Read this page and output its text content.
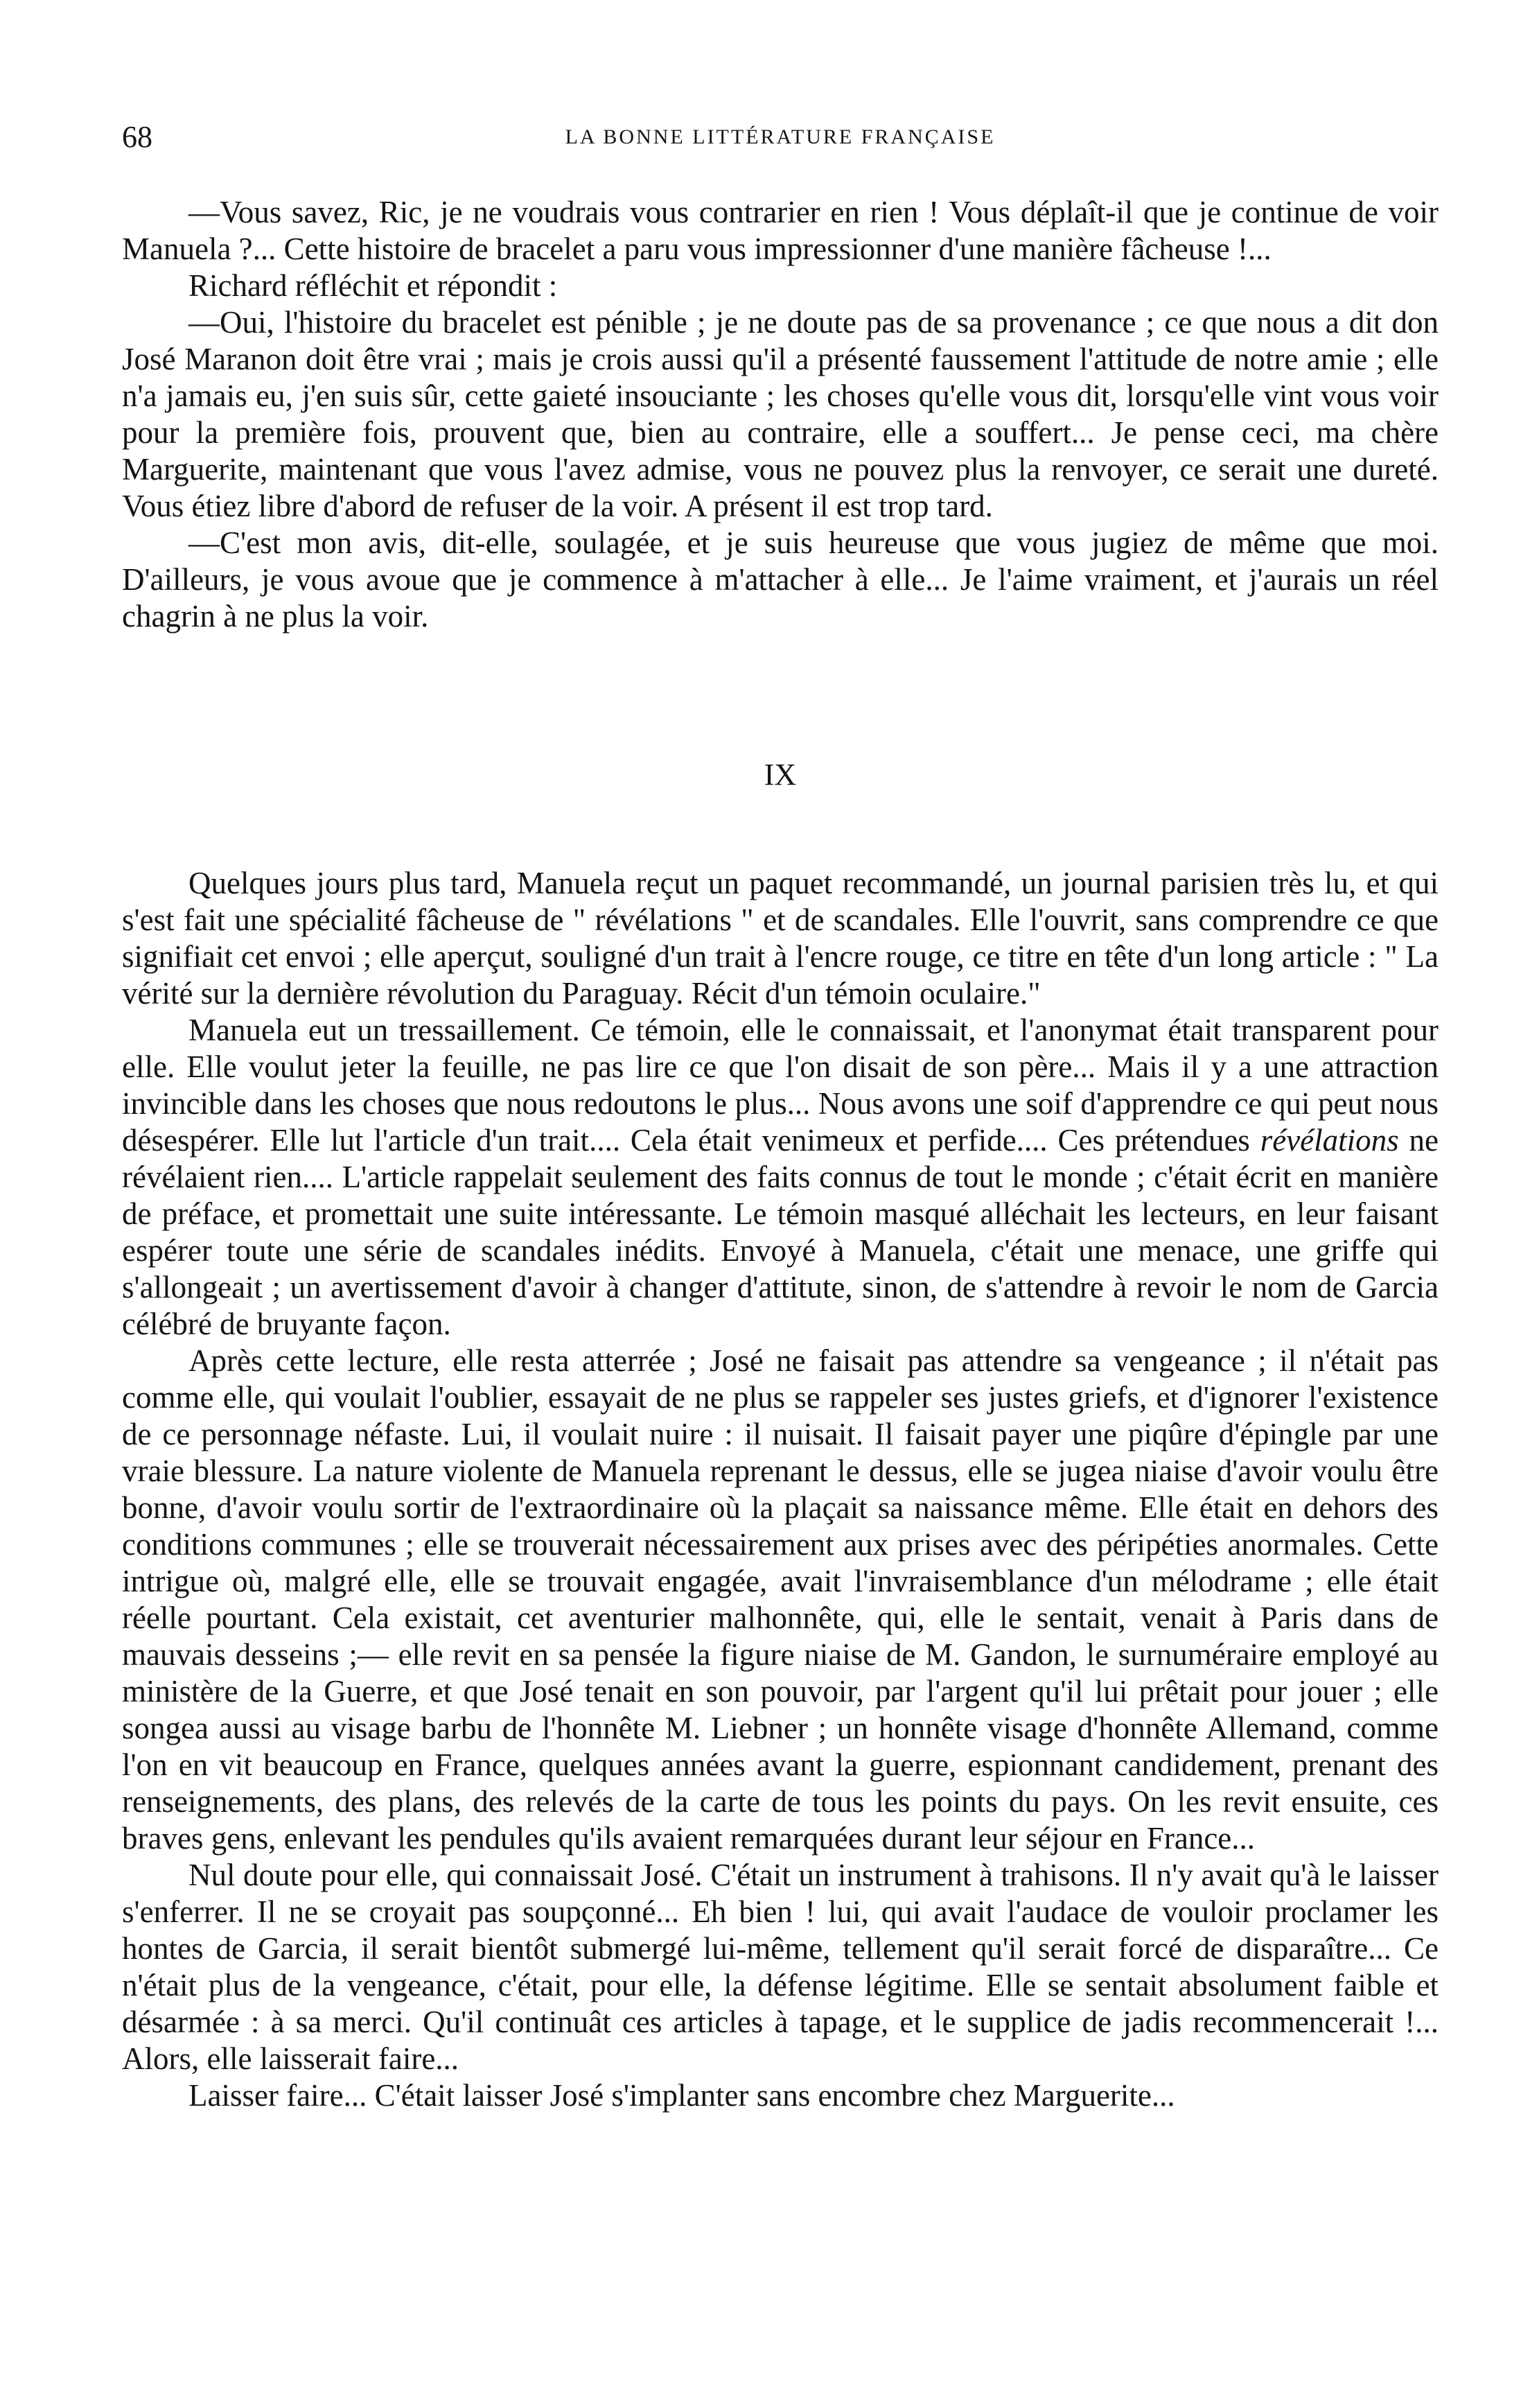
68	LA BONNE LITTÉRATURE FRANÇAISE

—Vous savez, Ric, je ne voudrais vous contrarier en rien ! Vous déplaît-il que je continue de voir Manuela ?... Cette histoire de bracelet a paru vous impressionner d'une manière fâcheuse !...

Richard réfléchit et répondit :

—Oui, l'histoire du bracelet est pénible ; je ne doute pas de sa provenance ; ce que nous a dit don José Maranon doit être vrai ; mais je crois aussi qu'il a présenté faussement l'attitude de notre amie ; elle n'a jamais eu, j'en suis sûr, cette gaieté insouciante ; les choses qu'elle vous dit, lorsqu'elle vint vous voir pour la première fois, prouvent que, bien au contraire, elle a souffert... Je pense ceci, ma chère Marguerite, maintenant que vous l'avez admise, vous ne pouvez plus la renvoyer, ce serait une dureté. Vous étiez libre d'abord de refuser de la voir. A présent il est trop tard.

—C'est mon avis, dit-elle, soulagée, et je suis heureuse que vous jugiez de même que moi. D'ailleurs, je vous avoue que je commence à m'attacher à elle... Je l'aime vraiment, et j'aurais un réel chagrin à ne plus la voir.

IX

Quelques jours plus tard, Manuela reçut un paquet recommandé, un journal parisien très lu, et qui s'est fait une spécialité fâcheuse de " révélations " et de scandales. Elle l'ouvrit, sans comprendre ce que signifiait cet envoi ; elle aperçut, souligné d'un trait à l'encre rouge, ce titre en tête d'un long article : " La vérité sur la dernière révolution du Paraguay. Récit d'un témoin oculaire."

Manuela eut un tressaillement. Ce témoin, elle le connaissait, et l'anonymat était transparent pour elle. Elle voulut jeter la feuille, ne pas lire ce que l'on disait de son père... Mais il y a une attraction invincible dans les choses que nous redoutons le plus... Nous avons une soif d'apprendre ce qui peut nous désespérer. Elle lut l'article d'un trait.... Cela était venimeux et perfide.... Ces prétendues révélations ne révélaient rien.... L'article rappelait seulement des faits connus de tout le monde ; c'était écrit en manière de préface, et promettait une suite intéressante. Le témoin masqué alléchait les lecteurs, en leur faisant espérer toute une série de scandales inédits. Envoyé à Manuela, c'était une menace, une griffe qui s'allongeait ; un avertissement d'avoir à changer d'attitute, sinon, de s'attendre à revoir le nom de Garcia célébré de bruyante façon.

Après cette lecture, elle resta atterrée ; José ne faisait pas attendre sa vengeance ; il n'était pas comme elle, qui voulait l'oublier, essayait de ne plus se rappeler ses justes griefs, et d'ignorer l'existence de ce personnage néfaste. Lui, il voulait nuire : il nuisait. Il faisait payer une piqûre d'épingle par une vraie blessure. La nature violente de Manuela reprenant le dessus, elle se jugea niaise d'avoir voulu être bonne, d'avoir voulu sortir de l'extraordinaire où la plaçait sa naissance même. Elle était en dehors des conditions communes ; elle se trouverait nécessairement aux prises avec des péripéties anormales. Cette intrigue où, malgré elle, elle se trouvait engagée, avait l'invraisemblance d'un mélodrame ; elle était réelle pourtant. Cela existait, cet aventurier malhonnête, qui, elle le sentait, venait à Paris dans de mauvais desseins ;— elle revit en sa pensée la figure niaise de M. Gandon, le surnuméraire employé au ministère de la Guerre, et que José tenait en son pouvoir, par l'argent qu'il lui prêtait pour jouer ; elle songea aussi au visage barbu de l'honnête M. Liebner ; un honnête visage d'honnête Allemand, comme l'on en vit beaucoup en France, quelques années avant la guerre, espionnant candidement, prenant des renseignements, des plans, des relevés de la carte de tous les points du pays. On les revit ensuite, ces braves gens, enlevant les pendules qu'ils avaient remarquées durant leur séjour en France...

Nul doute pour elle, qui connaissait José. C'était un instrument à trahisons. Il n'y avait qu'à le laisser s'enferrer. Il ne se croyait pas soupçonné... Eh bien ! lui, qui avait l'audace de vouloir proclamer les hontes de Garcia, il serait bientôt submergé lui-même, tellement qu'il serait forcé de disparaître... Ce n'était plus de la vengeance, c'était, pour elle, la défense légitime. Elle se sentait absolument faible et désarmée : à sa merci. Qu'il continuât ces articles à tapage, et le supplice de jadis recommencerait !... Alors, elle laisserait faire...

Laisser faire... C'était laisser José s'implanter sans encombre chez Marguerite...
